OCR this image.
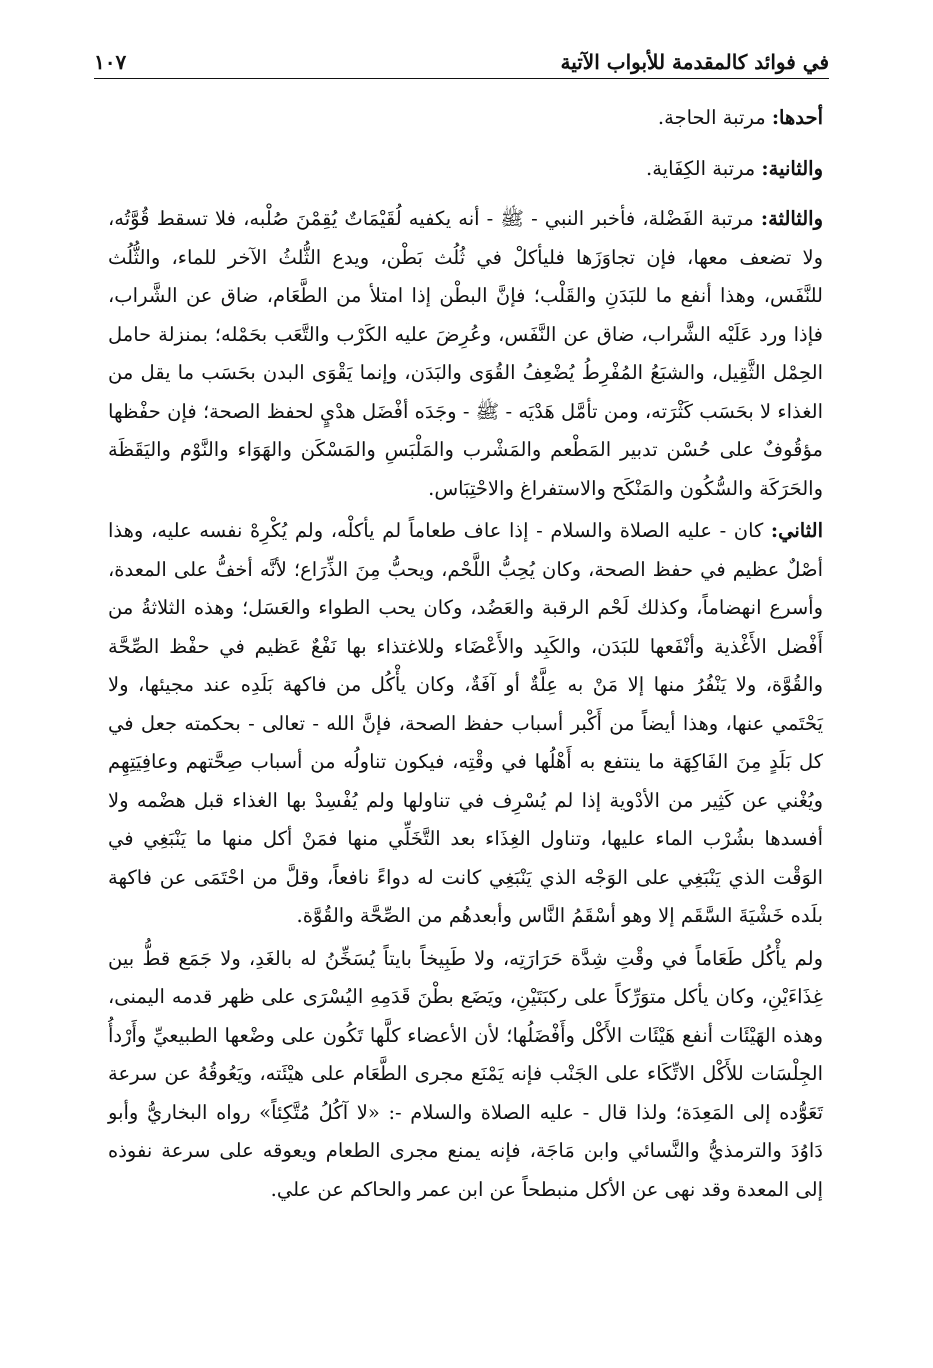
في فوائد كالمقدمة للأبواب الآتية
١٠٧

أحدها: مرتبة الحاجة.

والثانية: مرتبة الكِفَاية.

والثالثة: مرتبة الفَضْلة، فأخبر النبي - ﷺ - أنه يكفيه لُقَيْمَاتٌ يُقِمْنَ صُلْبه، فلا تسقط قُوَّتُه، ولا تضعف معها، فإن تجاوَزَها فليأكلْ في ثُلُث بَطْن، ويدع الثُّلثُ الآخر للماء، والثُّلُث للنَّفَس، وهذا أنفع ما للبَدَنِ والقَلْب؛ فإنَّ البطْن إذا امتلأ من الطَّعَام، ضاق عن الشَّراب، فإذا ورد عَلَيْه الشَّراب، ضاق عن النَّفَس، وعُرِضَ عليه الكَرْب والتَّعَب بحَمْله؛ بمنزلة حامل الحِمْل الثَّقِيل، والشبَعُ المُفْرِطُ يُضْعِفُ القُوَى والبَدَن، وإنما يَقْوَى البدن بحَسَب ما يقل من الغذاء لا بحَسَب كَثْرَته، ومن تأمَّل هَدْيَه - ﷺ - وجَدَه أفْضَل هدْيٍ لحفظ الصحة؛ فإن حفْظها مؤقُوفٌ على حُسْن تدبير المَطْعم والمَشْرب والمَلْبَسِ والمَسْكَن والهَوَاء والنَّوْم واليَقَظَة والحَرَكَة والسُّكُون والمَنْكَح والاستفراغ والاحْتِبَاس.

الثاني: كان - عليه الصلاة والسلام - إذا عاف طعاماً لم يأكلْه، ولم يُكْرِهْ نفسه عليه، وهذا أصْلٌ عظيم في حفظ الصحة، وكان يُحِبُّ اللَّحْم، ويحبُّ مِنَ الذِّرَاع؛ لأنَّه أخفُّ على المعدة، وأسرع انهضاماً، وكذلك لَحْم الرقبة والعَضُد، وكان يحب الطواء والعَسَل؛ وهذه الثلاثةُ من أَفْضل الأَغْذية وأنْفَعها للبَدَن، والكَبِد والأَعْضَاء وللاغتذاء بها نَفْعٌ عَظيم في حفْظ الصِّحَّة والقُوَّة، ولا يَنْفُرُ منها إلا مَنْ به عِلَّةٌ أو آفَةٌ، وكان يأْكُل من فاكهة بَلَدِه عند مجيئها، ولا يَحْتَمي عنها، وهذا أيضاً من أَكْبر أسباب حفظ الصحة، فإنَّ الله - تعالى - بحكمته جعل في كل بَلَدٍ مِنَ الفَاكِهَة ما ينتفع به أَهْلُها في وقْتِه، فيكون تناولُه من أسباب صِحَّتهم وعافِيَتِهِم ويُغْني عن كَثِير من الأدْوية إذا لم يُسْرِف في تناولها ولم يُفْسِدْ بها الغذاء قبل هضْمه ولا أفسدها بشُرْب الماء عليها، وتناول الغِذَاء بعد التَّخَلِّي منها فمَنْ أكل منها ما يَنْبَغِي في الوَقْت الذي يَنْبَغِي على الوَجْه الذي يَنْبَغِي كانت له دواءً نافعاً، وقلَّ من احْتَمَى عن فاكهة بلَده خَشْيَةَ السَّقَم إلا وهو أسْقَمُ النَّاس وأبعدهُم من الصِّحَّة والقُوَّة.

ولم يأْكُل طَعَاماً في وقْتِ شِدَّة حَرَارَتِه، ولا طَبِيخاً بايتاً يُسَخِّنُ له بالغَدِ، ولا جَمَع قطُّ بين غِذَاءَيْنِ، وكان يأكل متوَرِّكاً على ركبَتَيْنِ، ويَضَع بطْنَ قَدَمِهِ اليُسْرَى على ظهر قدمه اليمنى، وهذه الهَيْئَات أنفع هَيْئَات الأَكْل وأَفْضَلُها؛ لأن الأعضاء كلَّها تَكُون على وضْعها الطبيعيِّ وأَرْدأُ الجِلْسَات للأَكْل الاتِّكَاء على الجَنْب فإنه يَمْنَع مجرى الطَّعَام على هيْئَته، ويَعُوقُهُ عن سرعة تَعَوُّده إلى المَعِدَة؛ ولذا قال - عليه الصلاة والسلام -: «لا آكُلُ مُتَّكِئاً» رواه البخاريُّ وأبو دَاوُدَ والترمذيُّ والنَّسائي وابن مَاجَة، فإنه يمنع مجرى الطعام ويعوقه على سرعة نفوذه إلى المعدة وقد نهى عن الأكل منبطحاً عن ابن عمر والحاكم عن علي.
